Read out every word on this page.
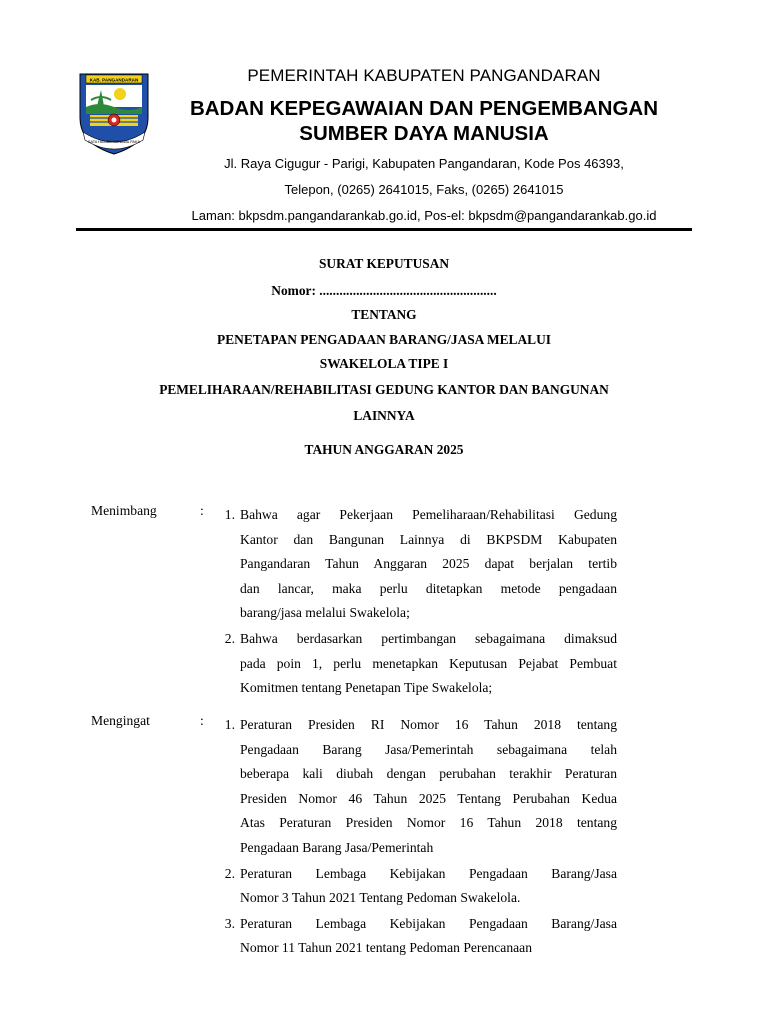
KAB. PANGANDARAN
SATA HAMBA MANAWA PAKA
PEMERINTAH KABUPATEN PANGANDARAN
BADAN KEPEGAWAIAN DAN PENGEMBANGAN
SUMBER DAYA MANUSIA
Jl. Raya Cigugur - Parigi, Kabupaten Pangandaran, Kode Pos 46393,
Telepon, (0265) 2641015, Faks, (0265) 2641015
Laman: bkpsdm.pangandarankab.go.id, Pos-el: bkpsdm@pangandarankab.go.id
SURAT KEPUTUSAN
Nomor: .....................................................
TENTANG
PENETAPAN PENGADAAN BARANG/JASA MELALUI
SWAKELOLA TIPE I
PEMELIHARAAN/REHABILITASI GEDUNG KANTOR DAN BANGUNAN
LAINNYA
TAHUN ANGGARAN 2025
Menimbang	:	1. Bahwa agar Pekerjaan Pemeliharaan/Rehabilitasi Gedung
Kantor dan Bangunan Lainnya di BKPSDM Kabupaten
Pangandaran Tahun Anggaran 2025 dapat berjalan tertib
dan lancar, maka perlu ditetapkan metode pengadaan
barang/jasa melalui Swakelola;
2. Bahwa berdasarkan pertimbangan sebagaimana dimaksud
pada poin 1, perlu menetapkan Keputusan Pejabat Pembuat
Komitmen tentang Penetapan Tipe Swakelola;
Mengingat	:	1. Peraturan Presiden RI Nomor 16 Tahun 2018 tentang
Pengadaan Barang Jasa/Pemerintah sebagaimana telah
beberapa kali diubah dengan perubahan terakhir Peraturan
Presiden Nomor 46 Tahun 2025 Tentang Perubahan Kedua
Atas Peraturan Presiden Nomor 16 Tahun 2018 tentang
Pengadaan Barang Jasa/Pemerintah
2. Peraturan Lembaga Kebijakan Pengadaan Barang/Jasa
Nomor 3 Tahun 2021 Tentang Pedoman Swakelola.
3. Peraturan Lembaga Kebijakan Pengadaan Barang/Jasa
Nomor 11 Tahun 2021 tentang Pedoman Perencanaan
